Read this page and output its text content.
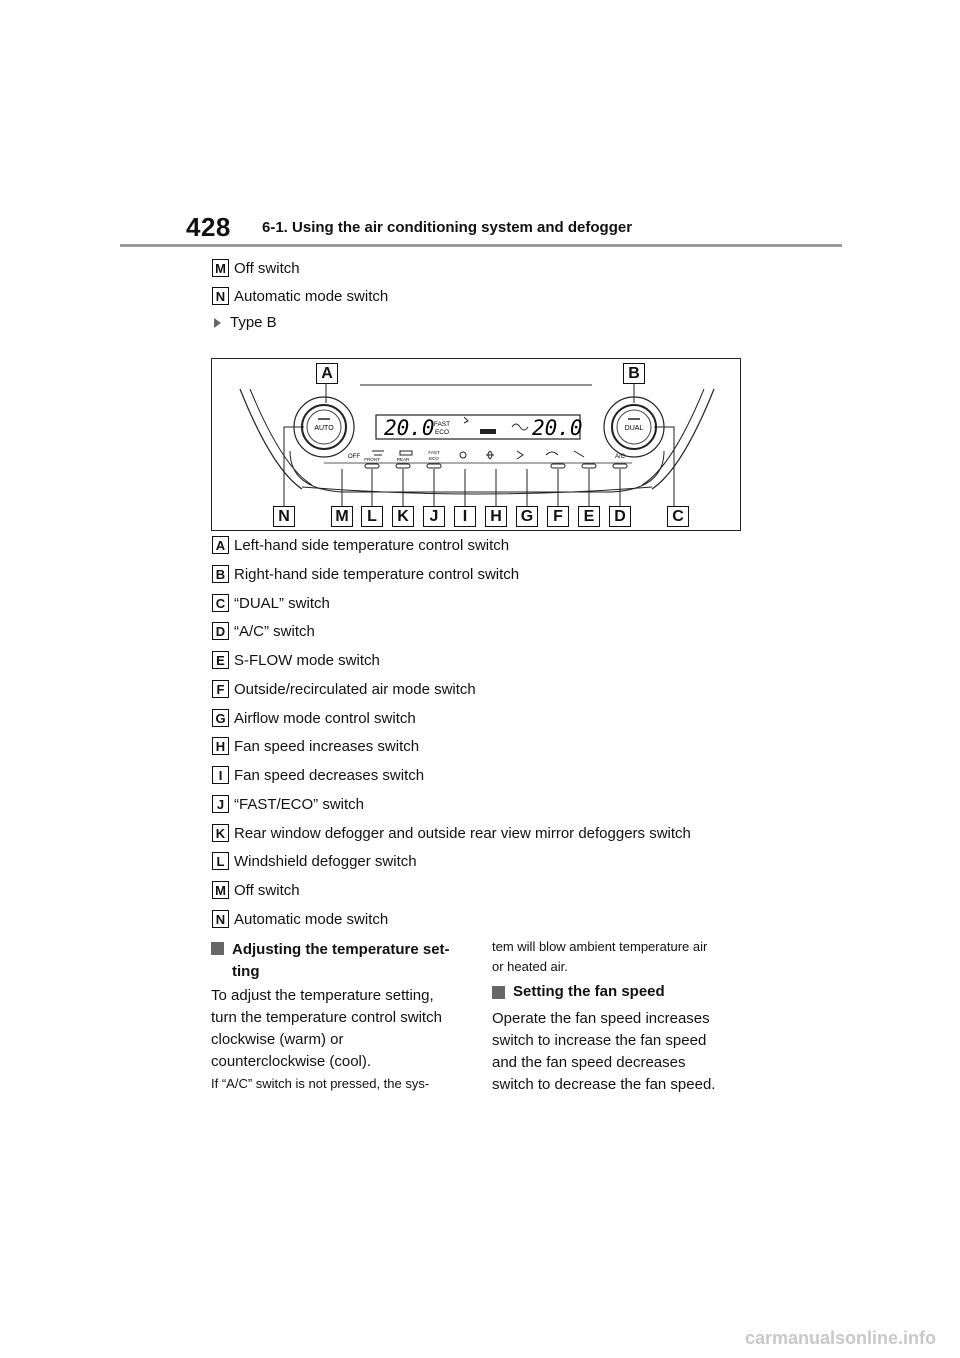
428 6-1. Using the air conditioning system and defogger
M Off switch
N Automatic mode switch
Type B
AUTO	DUAL
20.0	20.0
FAST
ECO
OFF FRONT	REAR
FAST
ECO	A/C
A	B
N	M	L	K	J	I	H	G	F	E	D	C
A Left-hand side temperature control switch
B Right-hand side temperature control switch
C “DUAL” switch
D “A/C” switch
E S-FLOW mode switch
F Outside/recirculated air mode switch
G Airflow mode control switch
H Fan speed increases switch
I Fan speed decreases switch
J “FAST/ECO” switch
K Rear window defogger and outside rear view mirror defoggers switch
L Windshield defogger switch
M Off switch
N Automatic mode switch
Adjusting the temperature set-
ting
To adjust the temperature setting,
turn the temperature control switch
clockwise (warm) or
counterclockwise (cool).
If “A/C” switch is not pressed, the sys-
tem will blow ambient temperature air
or heated air.
Setting the fan speed
Operate the fan speed increases
switch to increase the fan speed
and the fan speed decreases
switch to decrease the fan speed.
carmanualsonline.info
